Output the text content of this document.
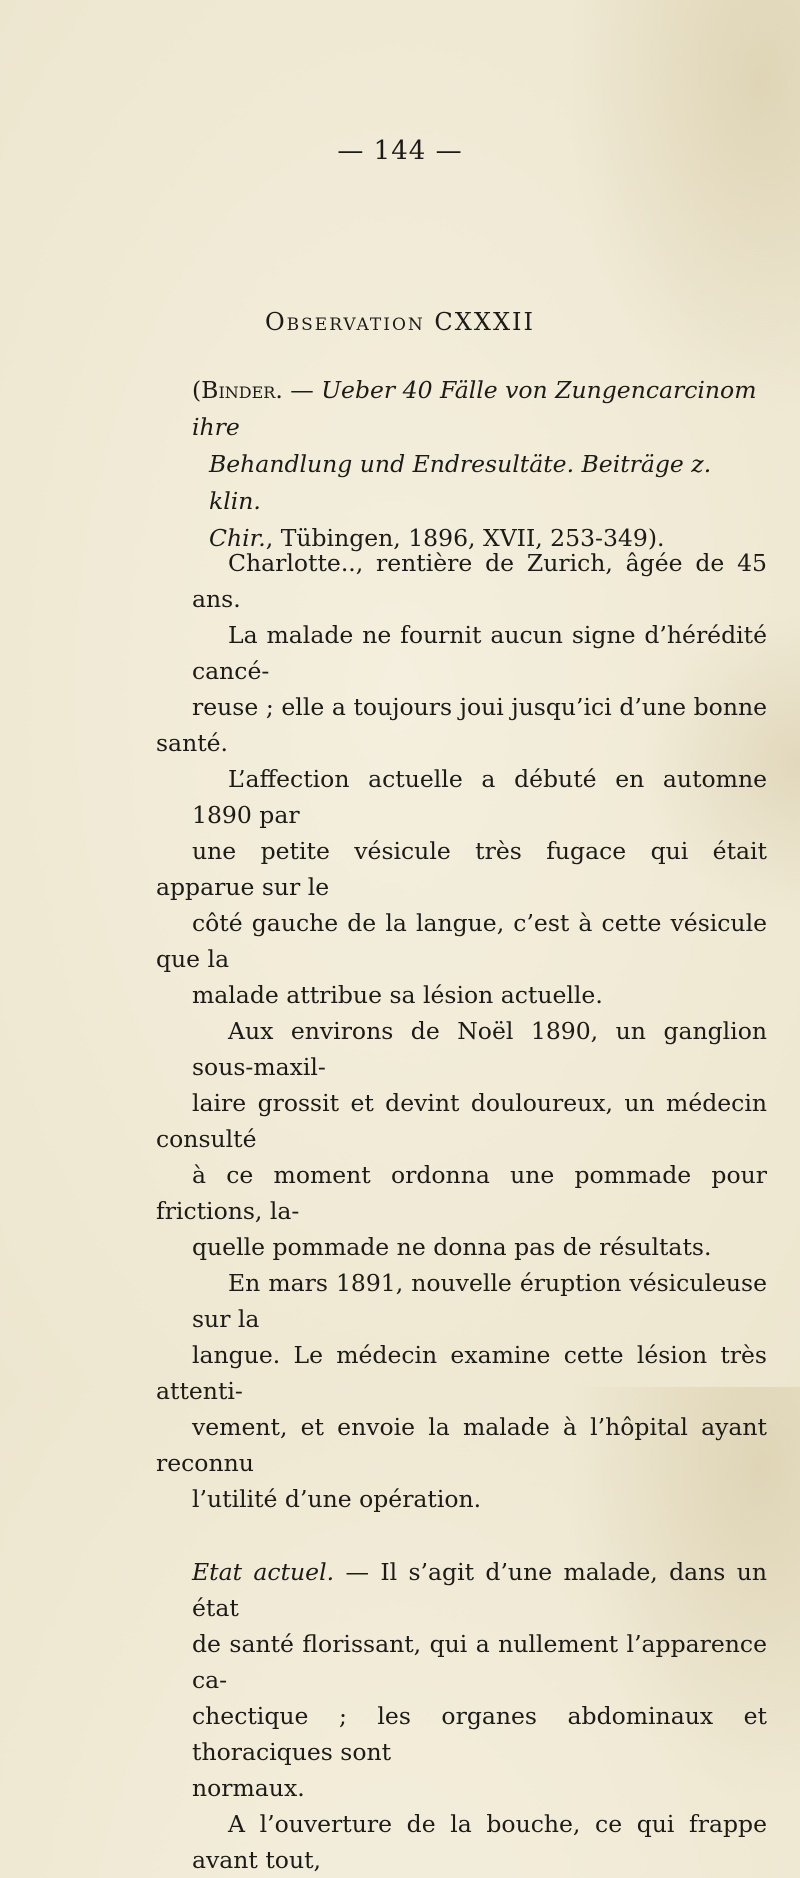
— 144 —
Observation CXXXII
(Binder. — Ueber 40 Fälle von Zungencarcinom ihre
Behandlung und Endresultäte. Beiträge z. klin.
Chir., Tübingen, 1896, XVII, 253-349).

Charlotte.., rentière de Zurich, âgée de 45 ans.

La malade ne fournit aucun signe d’hérédité cancé-
reuse ; elle a toujours joui jusqu’ici d’une bonne santé.

L’affection actuelle a débuté en automne 1890 par
une petite vésicule très fugace qui était apparue sur le
côté gauche de la langue, c’est à cette vésicule que la
malade attribue sa lésion actuelle.

Aux environs de Noël 1890, un ganglion sous-maxil-
laire grossit et devint douloureux, un médecin consulté
à ce moment ordonna une pommade pour frictions, la-
quelle pommade ne donna pas de résultats.

En mars 1891, nouvelle éruption vésiculeuse sur la
langue. Le médecin examine cette lésion très attenti-
vement, et envoie la malade à l’hôpital ayant reconnu
l’utilité d’une opération.

Etat actuel. — Il s’agit d’une malade, dans un état
de santé florissant, qui a nullement l’apparence ca-
chectique ; les organes abdominaux et thoraciques sont
normaux.

A l’ouverture de la bouche, ce qui frappe avant tout,
